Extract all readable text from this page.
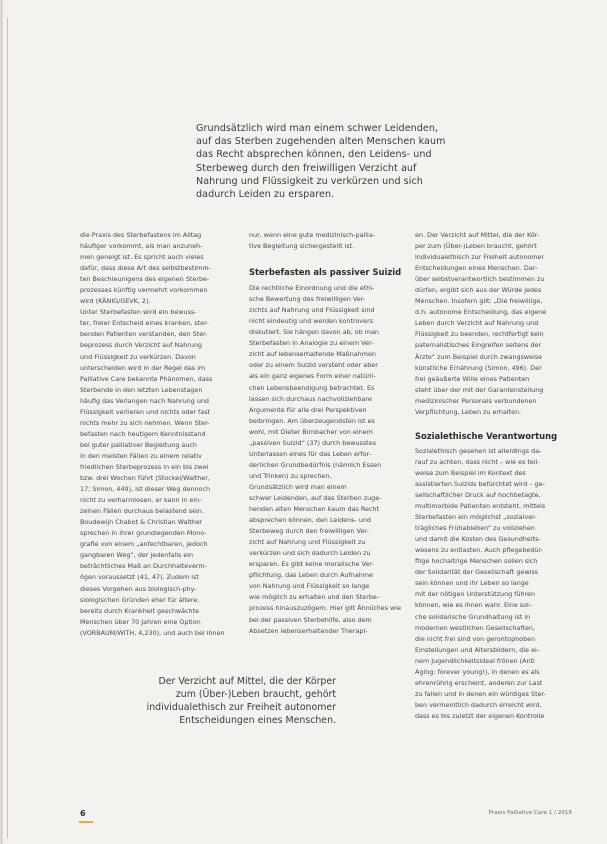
Grundsätzlich wird man einem schwer Leidenden,
auf das Sterben zugehenden alten Menschen kaum
das Recht absprechen können, den Leidens- und
Sterbeweg durch den freiwilligen Verzicht auf
Nahrung und Flüssigkeit zu verkürzen und sich
dadurch Leiden zu ersparen.

die Praxis des Sterbefastens im Alltag

häufiger vorkommt, als man anzuneh-

men geneigt ist. Es spricht auch vieles

dafür, dass diese Art des selbstbestimm-

ten Beschleunigens des eigenen Sterbe-

prozesses künftig vermehrt vorkommen

wird (KÄNIG/GEVK, 2).

Unter Sterbefasten wird ein bewuss-

ter, freier Entscheid eines kranken, ster-

benden Patienten verstanden, den Ster-

beprozess durch Verzicht auf Nahrung

und Flüssigkeit zu verkürzen. Davon

unterscheiden wird in der Regel das im

Palliative Care bekannte Phänomen, dass

Sterbende in den letzten Lebenstagen

häufig das Verlangen nach Nahrung und

Flüssigkeit verlieren und nichts oder fast

nichts mehr zu sich nehmen. Wenn Ster-

befasten nach heutigem Kenntnisstand

bei guter palliativer Begleitung auch

in den meisten Fällen zu einem relativ

friedlichen Sterbeprozess in ein bis zwei

bzw. drei Wochen führt (Stockel/Walther,

17; Simon, 449), ist dieser Weg dennoch

nicht zu verharmlosen, er kann in ein-

zelnen Fällen durchaus belastend sein.

Boudewijn Chabot & Christian Walther

sprechen in ihrer grundlegenden Mono-

grafie von einem „anfechtbaren, jedoch

gangbaren Weg“, der jedenfalls ein

beträchtliches Maß an Durchhalteverm-

ögen voraussetzt (41, 47). Zudem ist

dieses Vorgehen aus biologisch-phy-

siologischen Gründen eher für ältere,

bereits durch Krankheit geschwächte

Menschen über 70 Jahren eine Option

(VORBAUM/WITH, 4,230), und auch bei ihnen

nur, wenn eine gute medizinisch-pallia-

tive Begleitung sichergestellt ist.

Sterbefasten als passiver Suizid

Die rechtliche Einordnung und die ethi-

sche Bewertung des freiwilligen Ver-

zichts auf Nahrung und Flüssigkeit sind

nicht eindeutig und werden kontrovers

diskutiert. Sie hängen davon ab, ob man

Sterbefasten in Analogie zu einem Ver-

zicht auf lebenserhaltende Maßnahmen

oder zu einem Suizid versteht oder aber

als ein ganz eigenes Form einer natürli-

chen Lebensbeendigung betrachtet. Es

lassen sich durchaus nachvollziehbare

Argumente für alle drei Perspektiven

beibringen. Am überzeugendsten ist es

wohl, mit Dieter Birnbacher von einem

„passiven Suizid“ (37) durch bewusstes

Unterlassen eines für das Leben erfor-

derlichen Grundbedürfnis (nämlich Essen

und Trinken) zu sprechen.

Grundsätzlich wird man einem

schwer Leidenden, auf das Sterben zuge-

henden alten Menschen kaum das Recht

absprechen können, den Leidens- und

Sterbeweg durch den freiwilligen Ver-

zicht auf Nahrung und Flüssigkeit zu

verkürzen und sich dadurch Leiden zu

ersparen. Es gibt keine moralische Ver-

pflichtung, das Leben durch Aufnahme

von Nahrung und Flüssigkeit so lange

wie möglich zu erhalten und den Sterbe-

prozess hinauszuzögern. Hier gilt Ähnliches wie

bei der passiven Sterbehilfe, also dem

Absetzen lebenserhaltender Therapi-

en. Der Verzicht auf Mittel, die der Kör-

per zum (Über-)Leben braucht, gehört

individualethisch zur Freiheit autonomer

Entscheidungen eines Menschen. Dar-

über selbstverantwortlich bestimmen zu

dürfen, ergibt sich aus der Würde jedes

Menschen. Insofern gilt: „Die freiwillige,

d.h. autonome Entscheidung, das eigene

Leben durch Verzicht auf Nahrung und

Flüssigkeit zu beenden, rechtfertigt kein

paternalistisches Eingreifen seitens der

Ärzte“ zum Beispiel durch zwangsweise

künstliche Ernährung (Simon, 496). Der

frei geäußerte Wille eines Patienten

steht über der mit der Garantenstellung

medizinischer Personals verbundenen

Verpflichtung, Leben zu erhalten.

Sozialethische Verantwortung

Sozialethisch gesehen ist allerdings da-

rauf zu achten, dass nicht – wie es teil-

weise zum Beispiel im Kontext des

assistierten Suizids befürchtet wird – ge-

sellschaftlicher Druck auf hochbetagte,

multimorbide Patienten entsteht, mittels

Sterbefasten ein möglichst „sozialver-

trägliches Frühableben“ zu vollziehen

und damit die Kosten des Gesundheits-

wesens zu entlasten. Auch pflegebedür-

ftige hochaltrige Menschen sollen sich

der Solidarität der Gesellschaft gewiss

sein können und ihr Leben so lange

mit der nötigen Unterstützung führen

können, wie es ihnen wahr. Eine sol-

che solidarische Grundhaltung ist in

modernen westlichen Gesellschaften,

die nicht frei sind von gerontophoben

Einstellungen und Altersbildern, die ei-

nem Jugendlichkeitsideal frönen (Anti

Aging: forever young!), in denen es als

ehrenrührig erscheint, anderen zur Last

zu fallen und in denen ein würdiges Ster-

ben vermeintlich dadurch erreicht wird,

dass es bis zuletzt der eigenen Kontrolle

Der Verzicht auf Mittel, die der Körper
zum (Über-)Leben braucht, gehört
individualethisch zur Freiheit autonomer
Entscheidungen eines Menschen.
6	Praxis Palliative Care 1 / 2018
